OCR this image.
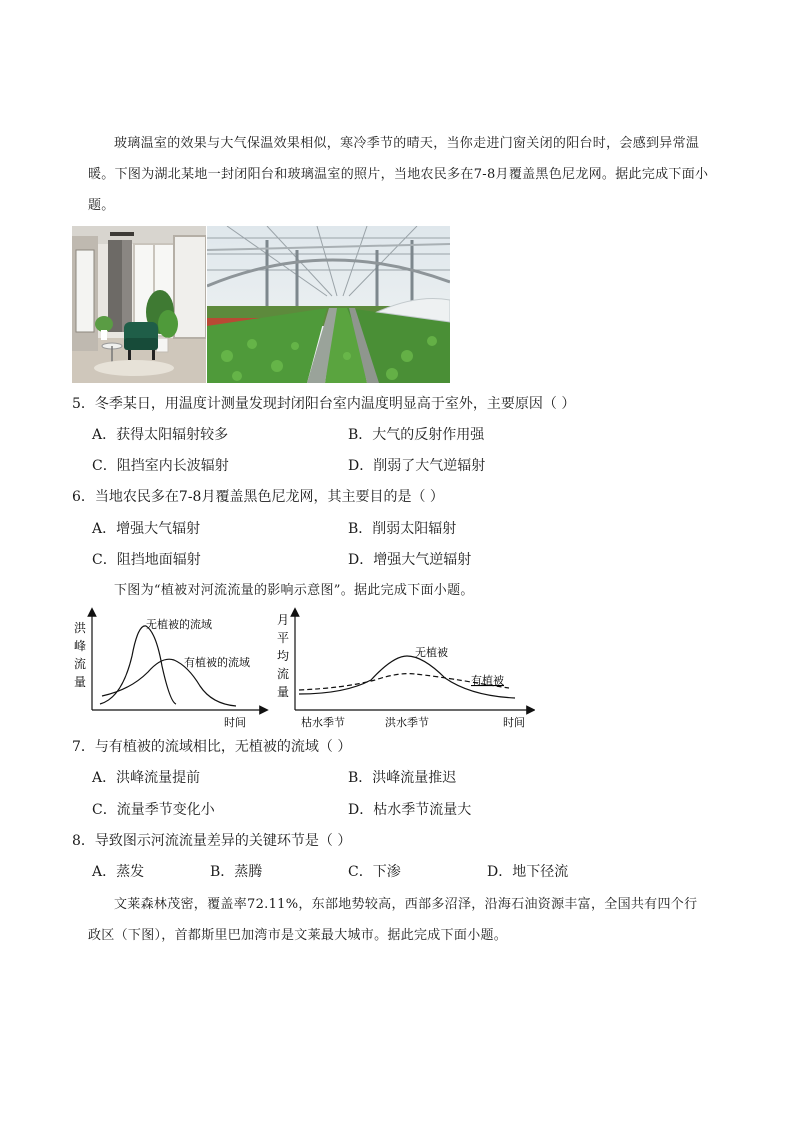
玻璃温室的效果与大气保温效果相似，寒冷季节的晴天，当你走进门窗关闭的阳台时，会感到异常温
暖。下图为湖北某地一封闭阳台和玻璃温室的照片，当地农民多在7-8月覆盖黑色尼龙网。据此完成下面小
题。
5．冬季某日，用温度计测量发现封闭阳台室内温度明显高于室外，主要原因（ ）
A．获得太阳辐射较多	B．大气的反射作用强
C．阻挡室内长波辐射	D．削弱了大气逆辐射
6．当地农民多在7-8月覆盖黑色尼龙网，其主要目的是（ ）
A．增强大气辐射	B．削弱太阳辐射
C．阻挡地面辐射	D．增强大气逆辐射
下图为“植被对河流流量的影响示意图”。据此完成下面小题。
洪
峰
流
量
无植被的流域
有植被的流域
时间
月
平
均
流
量
无植被
有植被
枯水季节	洪水季节	时间
7．与有植被的流域相比，无植被的流域（ ）
A．洪峰流量提前	B．洪峰流量推迟
C．流量季节变化小	D．枯水季节流量大
8．导致图示河流流量差异的关键环节是（ ）
A．蒸发	B．蒸腾	C．下渗	D．地下径流
文莱森林茂密，覆盖率72.11%，东部地势较高，西部多沼泽，沿海石油资源丰富，全国共有四个行
政区（下图），首都斯里巴加湾市是文莱最大城市。据此完成下面小题。
